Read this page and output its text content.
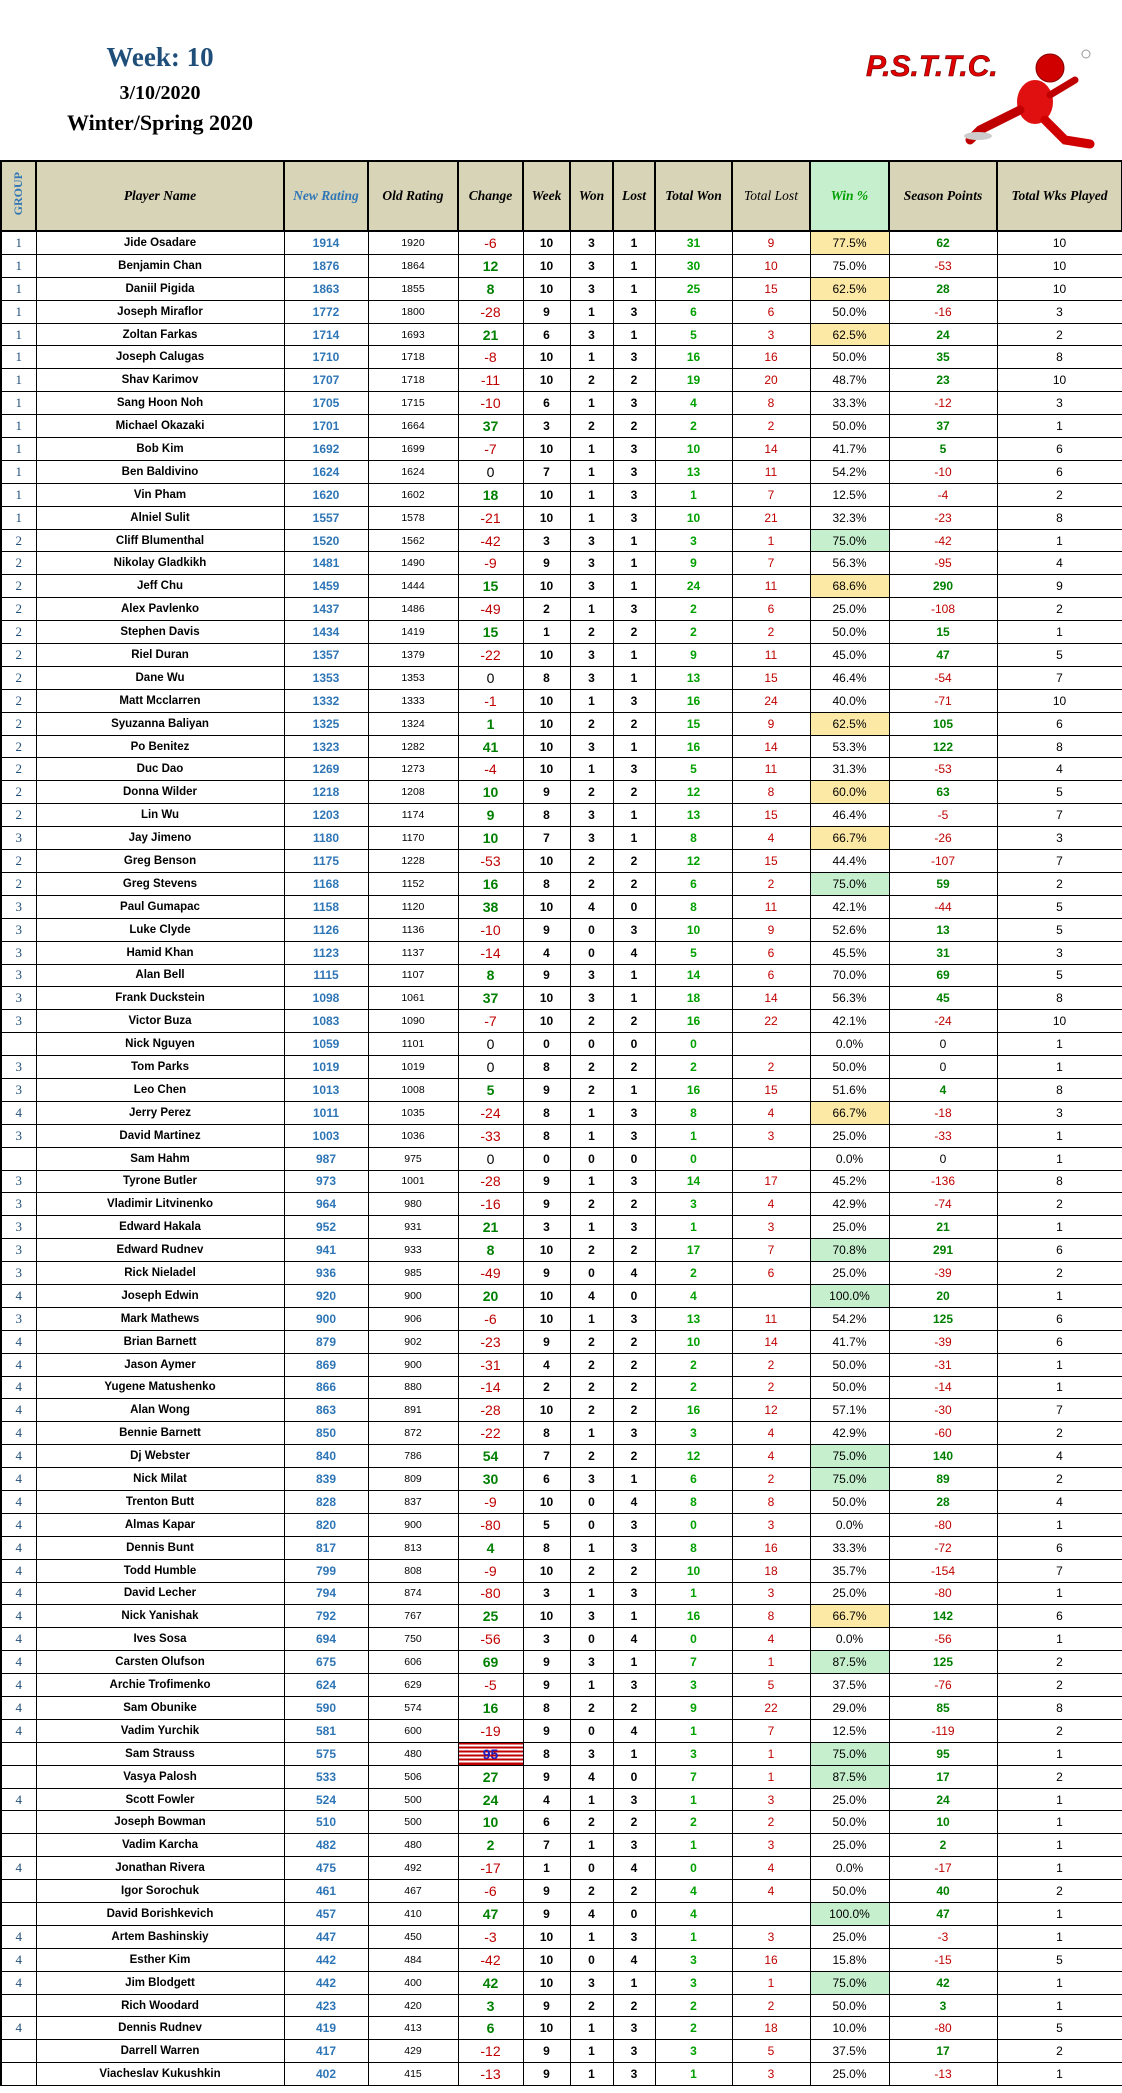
Week: 10
3/10/2020
Winter/Spring 2020
P.S.T.T.C.
GROUP	Player Name	New Rating	Old Rating	Change	Week	Won	Lost	Total Won	Total Lost	Win %	Season Points	Total Wks Played
1	Jide Osadare	1914	1920	-6	10	3	1	31	9	77.5%	62	10
1	Benjamin Chan	1876	1864	12	10	3	1	30	10	75.0%	-53	10
1	Daniil Pigida	1863	1855	8	10	3	1	25	15	62.5%	28	10
1	Joseph Miraflor	1772	1800	-28	9	1	3	6	6	50.0%	-16	3
1	Zoltan Farkas	1714	1693	21	6	3	1	5	3	62.5%	24	2
1	Joseph Calugas	1710	1718	-8	10	1	3	16	16	50.0%	35	8
1	Shav Karimov	1707	1718	-11	10	2	2	19	20	48.7%	23	10
1	Sang Hoon Noh	1705	1715	-10	6	1	3	4	8	33.3%	-12	3
1	Michael Okazaki	1701	1664	37	3	2	2	2	2	50.0%	37	1
1	Bob Kim	1692	1699	-7	10	1	3	10	14	41.7%	5	6
1	Ben Baldivino	1624	1624	0	7	1	3	13	11	54.2%	-10	6
1	Vin Pham	1620	1602	18	10	1	3	1	7	12.5%	-4	2
1	Alniel Sulit	1557	1578	-21	10	1	3	10	21	32.3%	-23	8
2	Cliff Blumenthal	1520	1562	-42	3	3	1	3	1	75.0%	-42	1
2	Nikolay Gladkikh	1481	1490	-9	9	3	1	9	7	56.3%	-95	4
2	Jeff Chu	1459	1444	15	10	3	1	24	11	68.6%	290	9
2	Alex Pavlenko	1437	1486	-49	2	1	3	2	6	25.0%	-108	2
2	Stephen Davis	1434	1419	15	1	2	2	2	2	50.0%	15	1
2	Riel Duran	1357	1379	-22	10	3	1	9	11	45.0%	47	5
2	Dane Wu	1353	1353	0	8	3	1	13	15	46.4%	-54	7
2	Matt Mcclarren	1332	1333	-1	10	1	3	16	24	40.0%	-71	10
2	Syuzanna Baliyan	1325	1324	1	10	2	2	15	9	62.5%	105	6
2	Po Benitez	1323	1282	41	10	3	1	16	14	53.3%	122	8
2	Duc Dao	1269	1273	-4	10	1	3	5	11	31.3%	-53	4
2	Donna Wilder	1218	1208	10	9	2	2	12	8	60.0%	63	5
2	Lin Wu	1203	1174	9	8	3	1	13	15	46.4%	-5	7
3	Jay Jimeno	1180	1170	10	7	3	1	8	4	66.7%	-26	3
2	Greg Benson	1175	1228	-53	10	2	2	12	15	44.4%	-107	7
2	Greg Stevens	1168	1152	16	8	2	2	6	2	75.0%	59	2
3	Paul Gumapac	1158	1120	38	10	4	0	8	11	42.1%	-44	5
3	Luke Clyde	1126	1136	-10	9	0	3	10	9	52.6%	13	5
3	Hamid Khan	1123	1137	-14	4	0	4	5	6	45.5%	31	3
3	Alan Bell	1115	1107	8	9	3	1	14	6	70.0%	69	5
3	Frank Duckstein	1098	1061	37	10	3	1	18	14	56.3%	45	8
3	Victor Buza	1083	1090	-7	10	2	2	16	22	42.1%	-24	10
	Nick Nguyen	1059	1101	0	0	0	0	0		0.0%	0	1
3	Tom Parks	1019	1019	0	8	2	2	2	2	50.0%	0	1
3	Leo Chen	1013	1008	5	9	2	1	16	15	51.6%	4	8
4	Jerry Perez	1011	1035	-24	8	1	3	8	4	66.7%	-18	3
3	David Martinez	1003	1036	-33	8	1	3	1	3	25.0%	-33	1
	Sam Hahm	987	975	0	0	0	0	0		0.0%	0	1
3	Tyrone Butler	973	1001	-28	9	1	3	14	17	45.2%	-136	8
3	Vladimir Litvinenko	964	980	-16	9	2	2	3	4	42.9%	-74	2
3	Edward Hakala	952	931	21	3	1	3	1	3	25.0%	21	1
3	Edward Rudnev	941	933	8	10	2	2	17	7	70.8%	291	6
3	Rick Nieladel	936	985	-49	9	0	4	2	6	25.0%	-39	2
4	Joseph Edwin	920	900	20	10	4	0	4		100.0%	20	1
3	Mark Mathews	900	906	-6	10	1	3	13	11	54.2%	125	6
4	Brian Barnett	879	902	-23	9	2	2	10	14	41.7%	-39	6
4	Jason Aymer	869	900	-31	4	2	2	2	2	50.0%	-31	1
4	Yugene Matushenko	866	880	-14	2	2	2	2	2	50.0%	-14	1
4	Alan Wong	863	891	-28	10	2	2	16	12	57.1%	-30	7
4	Bennie Barnett	850	872	-22	8	1	3	3	4	42.9%	-60	2
4	Dj Webster	840	786	54	7	2	2	12	4	75.0%	140	4
4	Nick Milat	839	809	30	6	3	1	6	2	75.0%	89	2
4	Trenton Butt	828	837	-9	10	0	4	8	8	50.0%	28	4
4	Almas Kapar	820	900	-80	5	0	3	0	3	0.0%	-80	1
4	Dennis Bunt	817	813	4	8	1	3	8	16	33.3%	-72	6
4	Todd Humble	799	808	-9	10	2	2	10	18	35.7%	-154	7
4	David Lecher	794	874	-80	3	1	3	1	3	25.0%	-80	1
4	Nick Yanishak	792	767	25	10	3	1	16	8	66.7%	142	6
4	Ives Sosa	694	750	-56	3	0	4	0	4	0.0%	-56	1
4	Carsten Olufson	675	606	69	9	3	1	7	1	87.5%	125	2
4	Archie Trofimenko	624	629	-5	9	1	3	3	5	37.5%	-76	2
4	Sam Obunike	590	574	16	8	2	2	9	22	29.0%	85	8
4	Vadim Yurchik	581	600	-19	9	0	4	1	7	12.5%	-119	2
	Sam Strauss	575	480	95	8	3	1	3	1	75.0%	95	1
	Vasya Palosh	533	506	27	9	4	0	7	1	87.5%	17	2
4	Scott Fowler	524	500	24	4	1	3	1	3	25.0%	24	1
	Joseph Bowman	510	500	10	6	2	2	2	2	50.0%	10	1
	Vadim Karcha	482	480	2	7	1	3	1	3	25.0%	2	1
4	Jonathan Rivera	475	492	-17	1	0	4	0	4	0.0%	-17	1
	Igor Sorochuk	461	467	-6	9	2	2	4	4	50.0%	40	2
	David Borishkevich	457	410	47	9	4	0	4		100.0%	47	1
4	Artem Bashinskiy	447	450	-3	10	1	3	1	3	25.0%	-3	1
4	Esther Kim	442	484	-42	10	0	4	3	16	15.8%	-15	5
4	Jim Blodgett	442	400	42	10	3	1	3	1	75.0%	42	1
	Rich Woodard	423	420	3	9	2	2	2	2	50.0%	3	1
4	Dennis Rudnev	419	413	6	10	1	3	2	18	10.0%	-80	5
	Darrell Warren	417	429	-12	9	1	3	3	5	37.5%	17	2
	Viacheslav Kukushkin	402	415	-13	9	1	3	1	3	25.0%	-13	1
